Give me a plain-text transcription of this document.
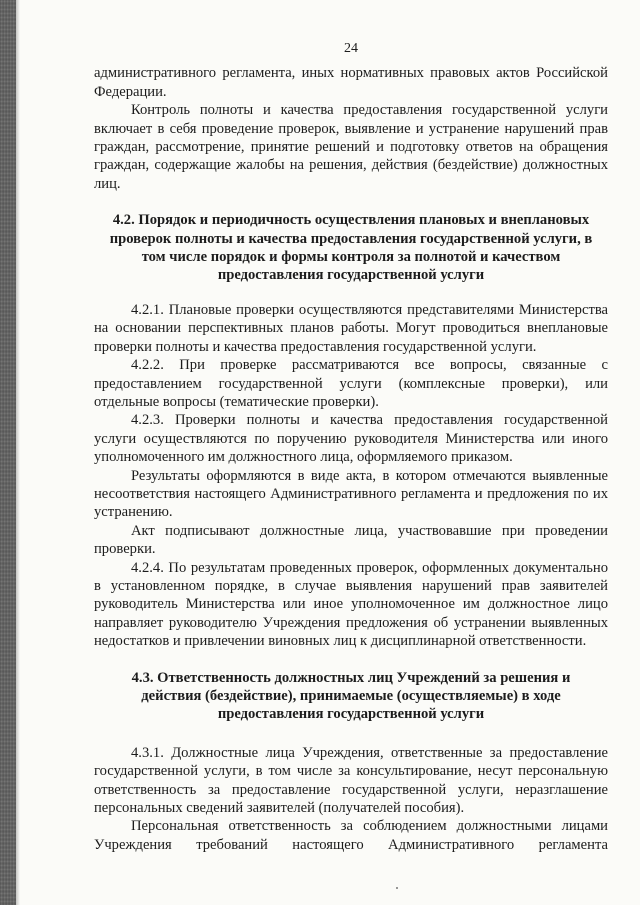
24

административного регламента, иных нормативных правовых актов Российской Федерации.

Контроль полноты и качества предоставления государственной услуги включает в себя проведение проверок, выявление и устранение нарушений прав граждан, рассмотрение, принятие решений и подготовку ответов на обращения граждан, содержащие жалобы на решения, действия (бездействие) должностных лиц.

4.2. Порядок и периодичность осуществления плановых и внеплановых проверок полноты и качества предоставления государственной услуги, в том числе порядок и формы контроля за полнотой и качеством предоставления государственной услуги

4.2.1. Плановые проверки осуществляются представителями Министерства на основании перспективных планов работы. Могут проводиться внеплановые проверки полноты и качества предоставления государственной услуги.

4.2.2. При проверке рассматриваются все вопросы, связанные с предоставлением государственной услуги (комплексные проверки), или отдельные вопросы (тематические проверки).

4.2.3. Проверки полноты и качества предоставления государственной услуги осуществляются по поручению руководителя Министерства или иного уполномоченного им должностного лица, оформляемого приказом.

Результаты оформляются в виде акта, в котором отмечаются выявленные несоответствия настоящего Административного регламента и предложения по их устранению.

Акт подписывают должностные лица, участвовавшие при проведении проверки.

4.2.4. По результатам проведенных проверок, оформленных документально в установленном порядке, в случае выявления нарушений прав заявителей руководитель Министерства или иное уполномоченное им должностное лицо направляет руководителю Учреждения предложения об устранении выявленных недостатков и привлечении виновных лиц к дисциплинарной ответственности.

4.3. Ответственность должностных лиц Учреждений за решения и действия (бездействие), принимаемые (осуществляемые) в ходе предоставления государственной услуги

4.3.1. Должностные лица Учреждения, ответственные за предоставление государственной услуги, в том числе за консультирование, несут персональную ответственность за предоставление государственной услуги, неразглашение персональных сведений заявителей (получателей пособия).

Персональная ответственность за соблюдением должностными лицами Учреждения требований настоящего Административного регламента
